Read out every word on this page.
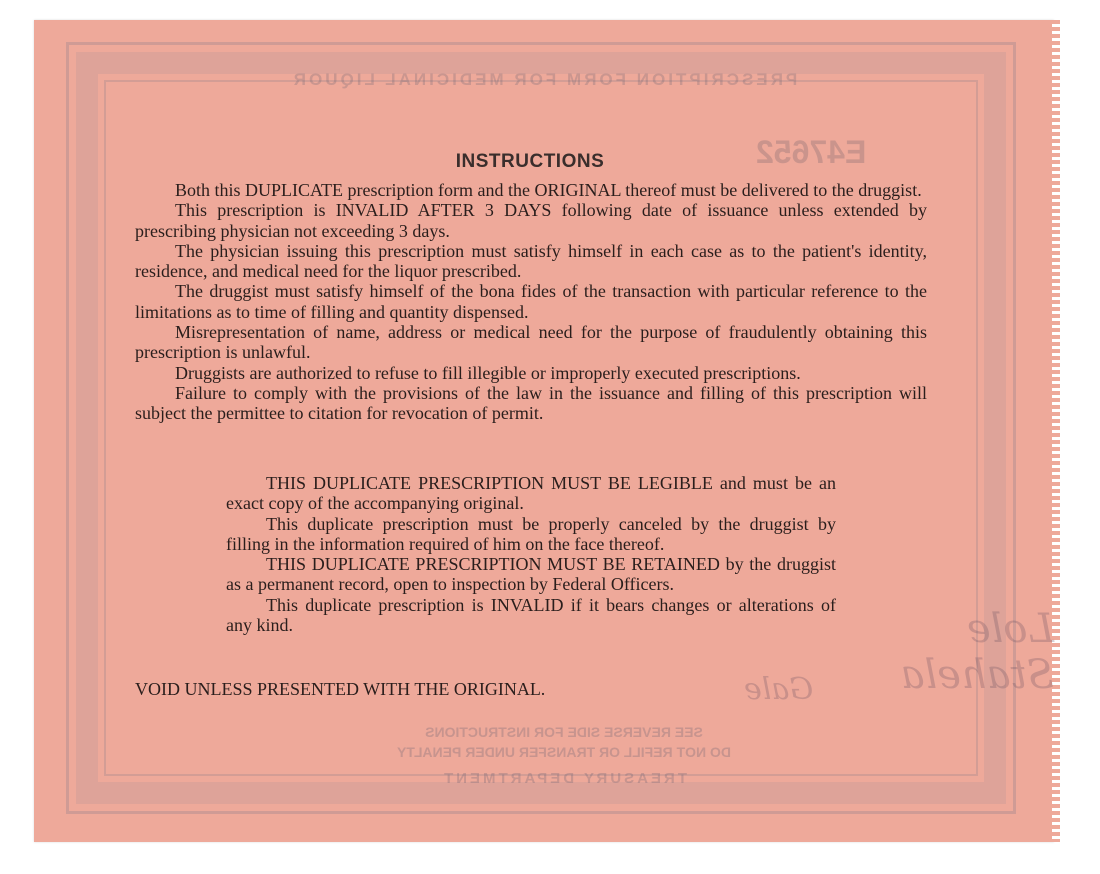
PRESCRIPTION FORM FOR MEDICINAL LIQUOR
E47652
Lole Stahela
Gale
SEE REVERSE SIDE FOR INSTRUCTIONS
DO NOT REFILL OR TRANSFER UNDER PENALTY
TREASURY DEPARTMENT
INSTRUCTIONS

Both this DUPLICATE prescription form and the ORIGINAL thereof must be delivered to the druggist.

This prescription is INVALID AFTER 3 DAYS following date of issuance unless extended by prescribing physician not exceeding 3 days.

The physician issuing this prescription must satisfy himself in each case as to the patient's identity, residence, and medical need for the liquor prescribed.

The druggist must satisfy himself of the bona fides of the transaction with particular reference to the limitations as to time of filling and quantity dispensed.

Misrepresentation of name, address or medical need for the purpose of fraudulently obtaining this prescription is unlawful.

Druggists are authorized to refuse to fill illegible or improperly executed prescriptions.

Failure to comply with the provisions of the law in the issuance and filling of this prescription will subject the permittee to citation for revocation of permit.

THIS DUPLICATE PRESCRIPTION MUST BE LEGIBLE and must be an exact copy of the accompanying original.

This duplicate prescription must be properly canceled by the druggist by filling in the information required of him on the face thereof.

THIS DUPLICATE PRESCRIPTION MUST BE RETAINED by the druggist as a permanent record, open to inspection by Federal Officers.

This duplicate prescription is INVALID if it bears changes or alterations of any kind.

VOID UNLESS PRESENTED WITH THE ORIGINAL.
